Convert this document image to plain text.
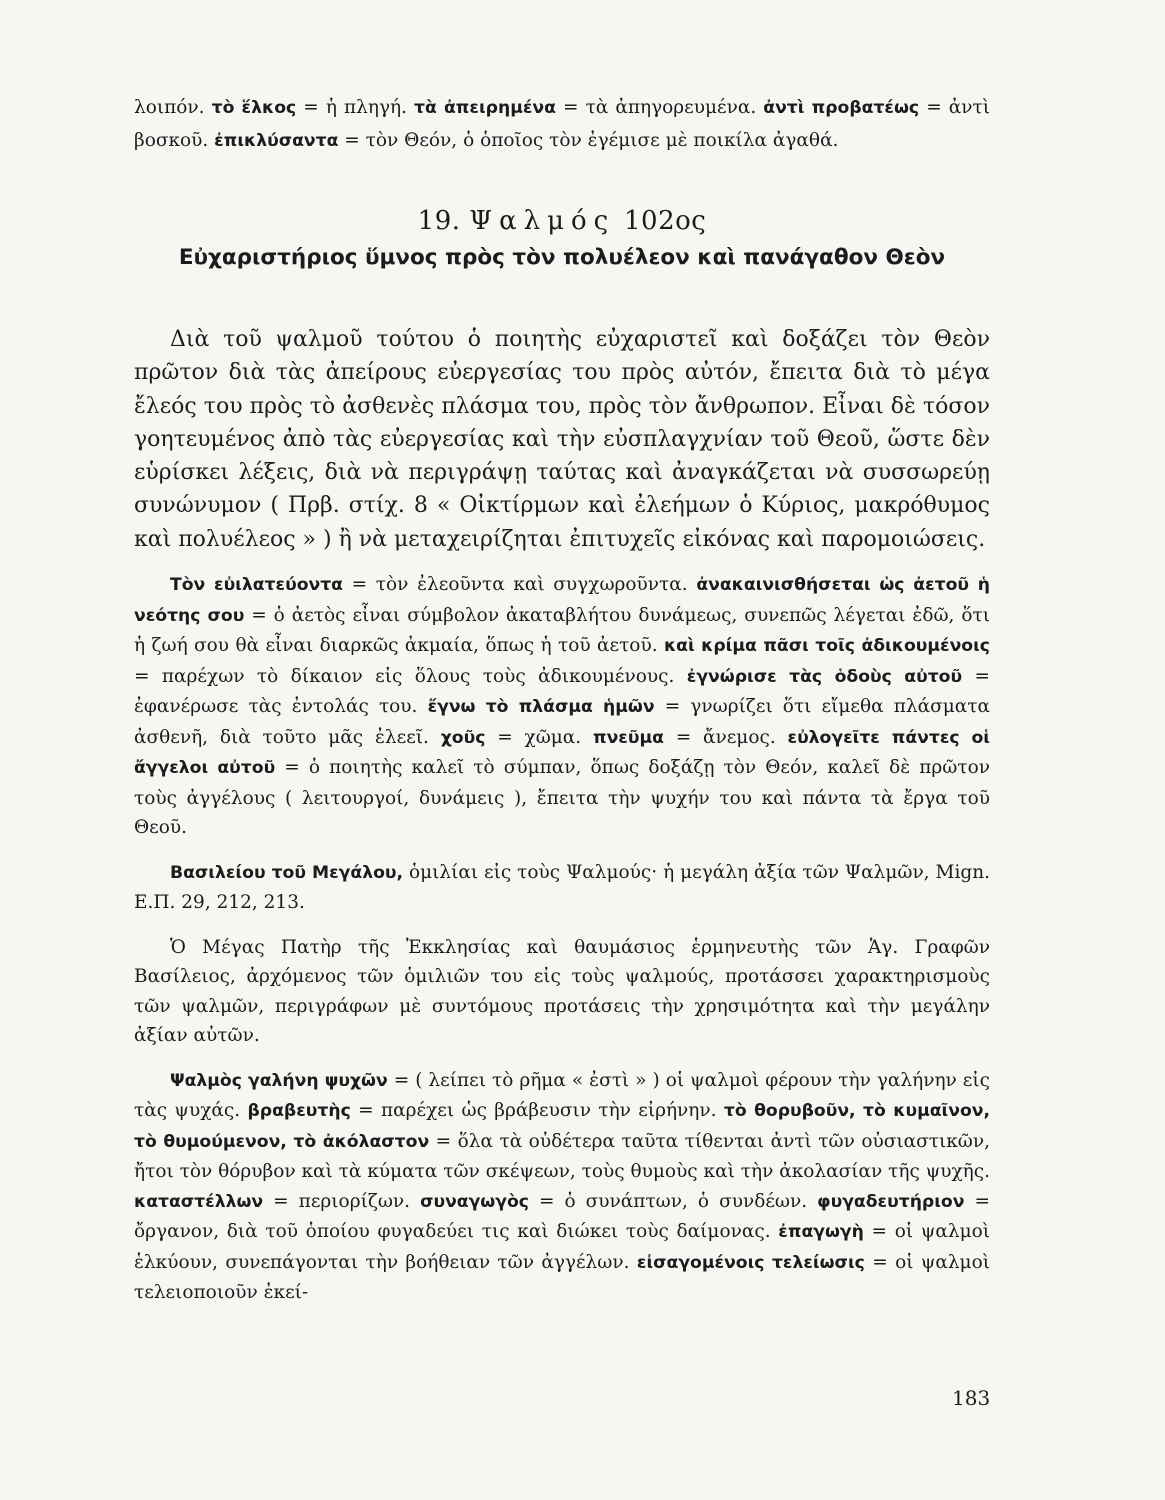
λοιπόν. τὸ ἕλκος = ἡ πληγή. τὰ ἀπειρημένα = τὰ ἀπηγορευμένα. ἀντὶ προβατέως = ἀντὶ βοσκοῦ. ἐπικλύσαντα = τὸν Θεόν, ὁ ὁποῖος τὸν ἐγέμισε μὲ ποικίλα ἀγαθά.

19. Ψαλμός 102ος
Εὐχαριστήριος ὕμνος πρὸς τὸν πολυέλεον καὶ πανάγαθον Θεὸν

Διὰ τοῦ ψαλμοῦ τούτου ὁ ποιητὴς εὐχαριστεῖ καὶ δοξάζει τὸν Θεὸν πρῶτον διὰ τὰς ἀπείρους εὐεργεσίας του πρὸς αὐτόν, ἔπειτα διὰ τὸ μέγα ἔλεός του πρὸς τὸ ἀσθενὲς πλάσμα του, πρὸς τὸν ἄνθρωπον. Εἶναι δὲ τόσον γοητευμένος ἀπὸ τὰς εὐεργεσίας καὶ τὴν εὐσπλαγχνίαν τοῦ Θεοῦ, ὥστε δὲν εὑρίσκει λέξεις, διὰ νὰ περιγράψῃ ταύτας καὶ ἀναγκάζεται νὰ συσσωρεύῃ συνώνυμον ( Πρβ. στίχ. 8 « Οἰκτίρμων καὶ ἐλεήμων ὁ Κύριος, μακρόθυμος καὶ πολυέλεος » ) ἢ νὰ μεταχειρίζηται ἐπιτυχεῖς εἰκόνας καὶ παρομοιώσεις.

Τὸν εὐιλατεύοντα = τὸν ἐλεοῦντα καὶ συγχωροῦντα. ἀνακαινισθήσεται ὡς ἀετοῦ ἡ νεότης σου = ὁ ἀετὸς εἶναι σύμβολον ἀκαταβλήτου δυνάμεως, συνεπῶς λέγεται ἐδῶ, ὅτι ἡ ζωή σου θὰ εἶναι διαρκῶς ἀκμαία, ὅπως ἡ τοῦ ἀετοῦ. καὶ κρίμα πᾶσι τοῖς ἀδικουμένοις = παρέχων τὸ δίκαιον εἰς ὅλους τοὺς ἀδικουμένους. ἐγνώρισε τὰς ὁδοὺς αὐτοῦ = ἐφανέρωσε τὰς ἐντολάς του. ἔγνω τὸ πλάσμα ἡμῶν = γνωρίζει ὅτι εἴμεθα πλάσματα ἀσθενῆ, διὰ τοῦτο μᾶς ἐλεεῖ. χοῦς = χῶμα. πνεῦμα = ἄνεμος. εὐλογεῖτε πάντες οἱ ἄγγελοι αὐτοῦ = ὁ ποιητὴς καλεῖ τὸ σύμπαν, ὅπως δοξάζῃ τὸν Θεόν, καλεῖ δὲ πρῶτον τοὺς ἀγγέλους ( λειτουργοί, δυνάμεις ), ἔπειτα τὴν ψυχήν του καὶ πάντα τὰ ἔργα τοῦ Θεοῦ.

Βασιλείου τοῦ Μεγάλου, ὁμιλίαι εἰς τοὺς Ψαλμούς· ἡ μεγάλη ἀξία τῶν Ψαλμῶν, Mign. Ε.Π. 29, 212, 213.

Ὁ Μέγας Πατὴρ τῆς Ἐκκλησίας καὶ θαυμάσιος ἑρμηνευτὴς τῶν Ἁγ. Γραφῶν Βασίλειος, ἀρχόμενος τῶν ὁμιλιῶν του εἰς τοὺς ψαλμούς, προτάσσει χαρακτηρισμοὺς τῶν ψαλμῶν, περιγράφων μὲ συντόμους προτάσεις τὴν χρησιμότητα καὶ τὴν μεγάλην ἀξίαν αὐτῶν.

Ψαλμὸς γαλήνη ψυχῶν = ( λείπει τὸ ρῆμα « ἐστὶ » ) οἱ ψαλμοὶ φέρουν τὴν γαλήνην εἰς τὰς ψυχάς. βραβευτὴς = παρέχει ὡς βράβευσιν τὴν εἰρήνην. τὸ θορυβοῦν, τὸ κυμαῖνον, τὸ θυμούμενον, τὸ ἀκόλαστον = ὅλα τὰ οὐδέτερα ταῦτα τίθενται ἀντὶ τῶν οὐσιαστικῶν, ἤτοι τὸν θόρυβον καὶ τὰ κύματα τῶν σκέψεων, τοὺς θυμοὺς καὶ τὴν ἀκολασίαν τῆς ψυχῆς. καταστέλλων = περιορίζων. συναγωγὸς = ὁ συνάπτων, ὁ συνδέων. φυγαδευτήριον = ὄργανον, διὰ τοῦ ὁποίου φυγαδεύει τις καὶ διώκει τοὺς δαίμονας. ἐπαγωγὴ = οἱ ψαλμοὶ ἑλκύουν, συνεπάγονται τὴν βοήθειαν τῶν ἀγγέλων. εἰσαγομένοις τελείωσις = οἱ ψαλμοὶ τελειοποιοῦν ἐκεί-

183
